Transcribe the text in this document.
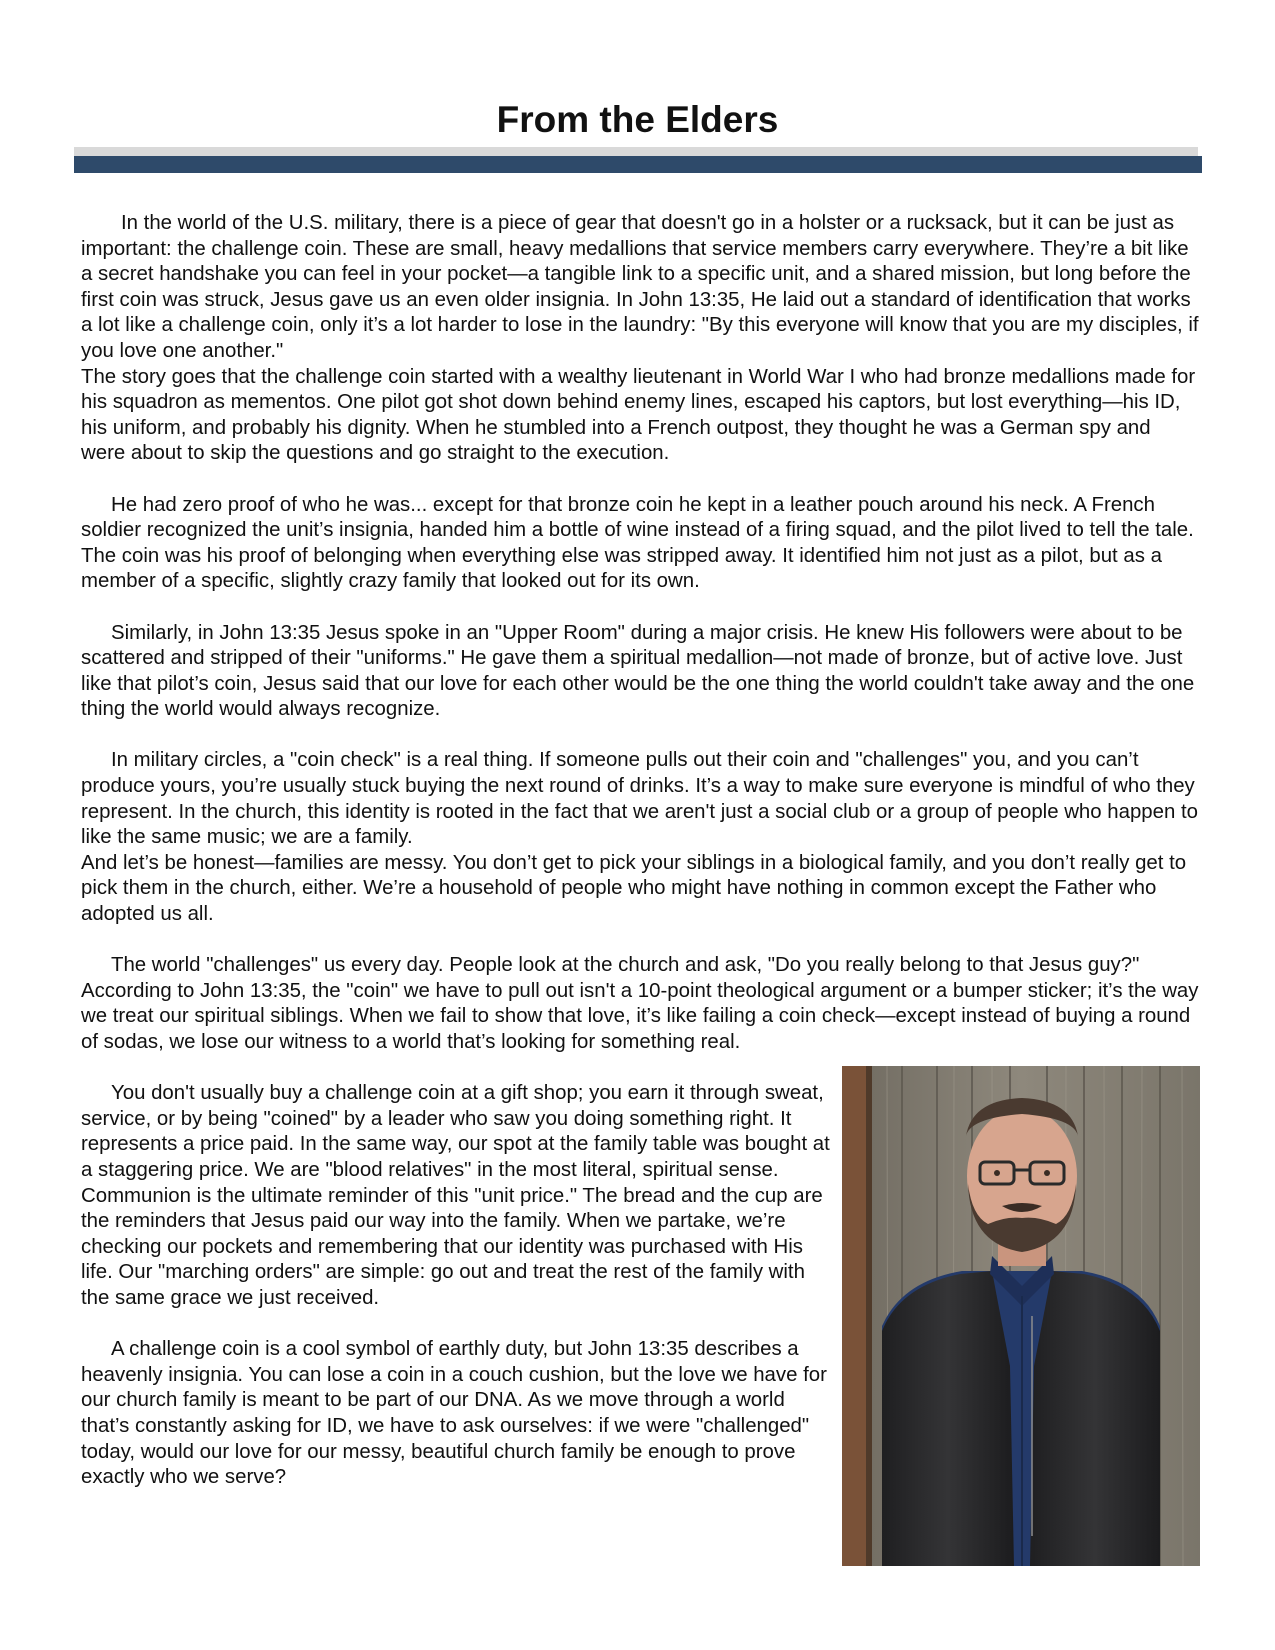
From the Elders

In the world of the U.S. military, there is a piece of gear that doesn't go in a holster or a rucksack, but it can be just as important: the challenge coin. These are small, heavy medallions that service members carry everywhere. They’re a bit like a secret handshake you can feel in your pocket—a tangible link to a specific unit, and a shared mission, but long before the first coin was struck, Jesus gave us an even older insignia. In John 13:35, He laid out a standard of identification that works a lot like a challenge coin, only it’s a lot harder to lose in the laundry: "By this everyone will know that you are my disciples, if you love one another."

The story goes that the challenge coin started with a wealthy lieutenant in World War I who had bronze medallions made for his squadron as mementos. One pilot got shot down behind enemy lines, escaped his captors, but lost everything—his ID, his uniform, and probably his dignity. When he stumbled into a French outpost, they thought he was a German spy and were about to skip the questions and go straight to the execution.

He had zero proof of who he was... except for that bronze coin he kept in a leather pouch around his neck. A French soldier recognized the unit’s insignia, handed him a bottle of wine instead of a firing squad, and the pilot lived to tell the tale. The coin was his proof of belonging when everything else was stripped away. It identified him not just as a pilot, but as a member of a specific, slightly crazy family that looked out for its own.

Similarly, in John 13:35 Jesus spoke in an "Upper Room" during a major crisis. He knew His followers were about to be scattered and stripped of their "uniforms." He gave them a spiritual medallion—not made of bronze, but of active love. Just like that pilot’s coin, Jesus said that our love for each other would be the one thing the world couldn't take away and the one thing the world would always recognize.

In military circles, a "coin check" is a real thing. If someone pulls out their coin and "challenges" you, and you can’t produce yours, you’re usually stuck buying the next round of drinks. It’s a way to make sure everyone is mindful of who they represent. In the church, this identity is rooted in the fact that we aren't just a social club or a group of people who happen to like the same music; we are a family.

And let’s be honest—families are messy. You don’t get to pick your siblings in a biological family, and you don’t really get to pick them in the church, either. We’re a household of people who might have nothing in common except the Father who adopted us all.

The world "challenges" us every day. People look at the church and ask, "Do you really belong to that Jesus guy?" According to John 13:35, the "coin" we have to pull out isn't a 10-point theological argument or a bumper sticker; it’s the way we treat our spiritual siblings. When we fail to show that love, it’s like failing a coin check—except instead of buying a round of sodas, we lose our witness to a world that’s looking for something real.

You don't usually buy a challenge coin at a gift shop; you earn it through sweat, service, or by being "coined" by a leader who saw you doing something right. It represents a price paid. In the same way, our spot at the family table was bought at a staggering price. We are "blood relatives" in the most literal, spiritual sense.

Communion is the ultimate reminder of this "unit price." The bread and the cup are the reminders that Jesus paid our way into the family. When we partake, we’re checking our pockets and remembering that our identity was purchased with His life. Our "marching orders" are simple: go out and treat the rest of the family with the same grace we just received.

A challenge coin is a cool symbol of earthly duty, but John 13:35 describes a heavenly insignia. You can lose a coin in a couch cushion, but the love we have for our church family is meant to be part of our DNA. As we move through a world that’s constantly asking for ID, we have to ask ourselves: if we were "challenged" today, would our love for our messy, beautiful church family be enough to prove exactly who we serve?
